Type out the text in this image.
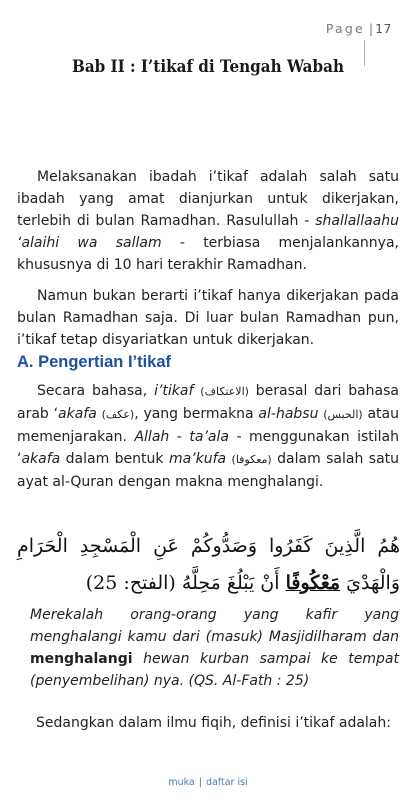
Page | 17
Bab II : I’tikaf di Tengah Wabah
Melaksanakan ibadah i’tikaf adalah salah satu ibadah yang amat dianjurkan untuk dikerjakan, terlebih di bulan Ramadhan. Rasulullah - shallallaahu ‘alaihi wa sallam - terbiasa menjalankannya, khususnya di 10 hari terakhir Ramadhan.
Namun bukan berarti i’tikaf hanya dikerjakan pada bulan Ramadhan saja. Di luar bulan Ramadhan pun, i’tikaf tetap disyariatkan untuk dikerjakan.
A. Pengertian I’tikaf
Secara bahasa, i’tikaf (الاعتكاف) berasal dari bahasa arab ‘akafa (عكف), yang bermakna al-habsu (الحبس) atau memenjarakan. Allah - ta’ala - menggunakan istilah ‘akafa dalam bentuk ma’kufa (معكوفا) dalam salah satu ayat al-Quran dengan makna menghalangi.
هُمُ الَّذِينَ كَفَرُوا وَصَدُّوكُمْ عَنِ الْمَسْجِدِ الْحَرَامِ وَالْهَدْيَ مَعْكُوفًا أَنْ يَبْلُغَ مَحِلَّهُ (الفتح: 25)
Merekalah orang-orang yang kafir yang menghalangi kamu dari (masuk) Masjidilharam dan menghalangi hewan kurban sampai ke tempat (penyembelihan) nya. (QS. Al-Fath : 25)
Sedangkan dalam ilmu fiqih, definisi i’tikaf adalah:
muka | daftar isi
